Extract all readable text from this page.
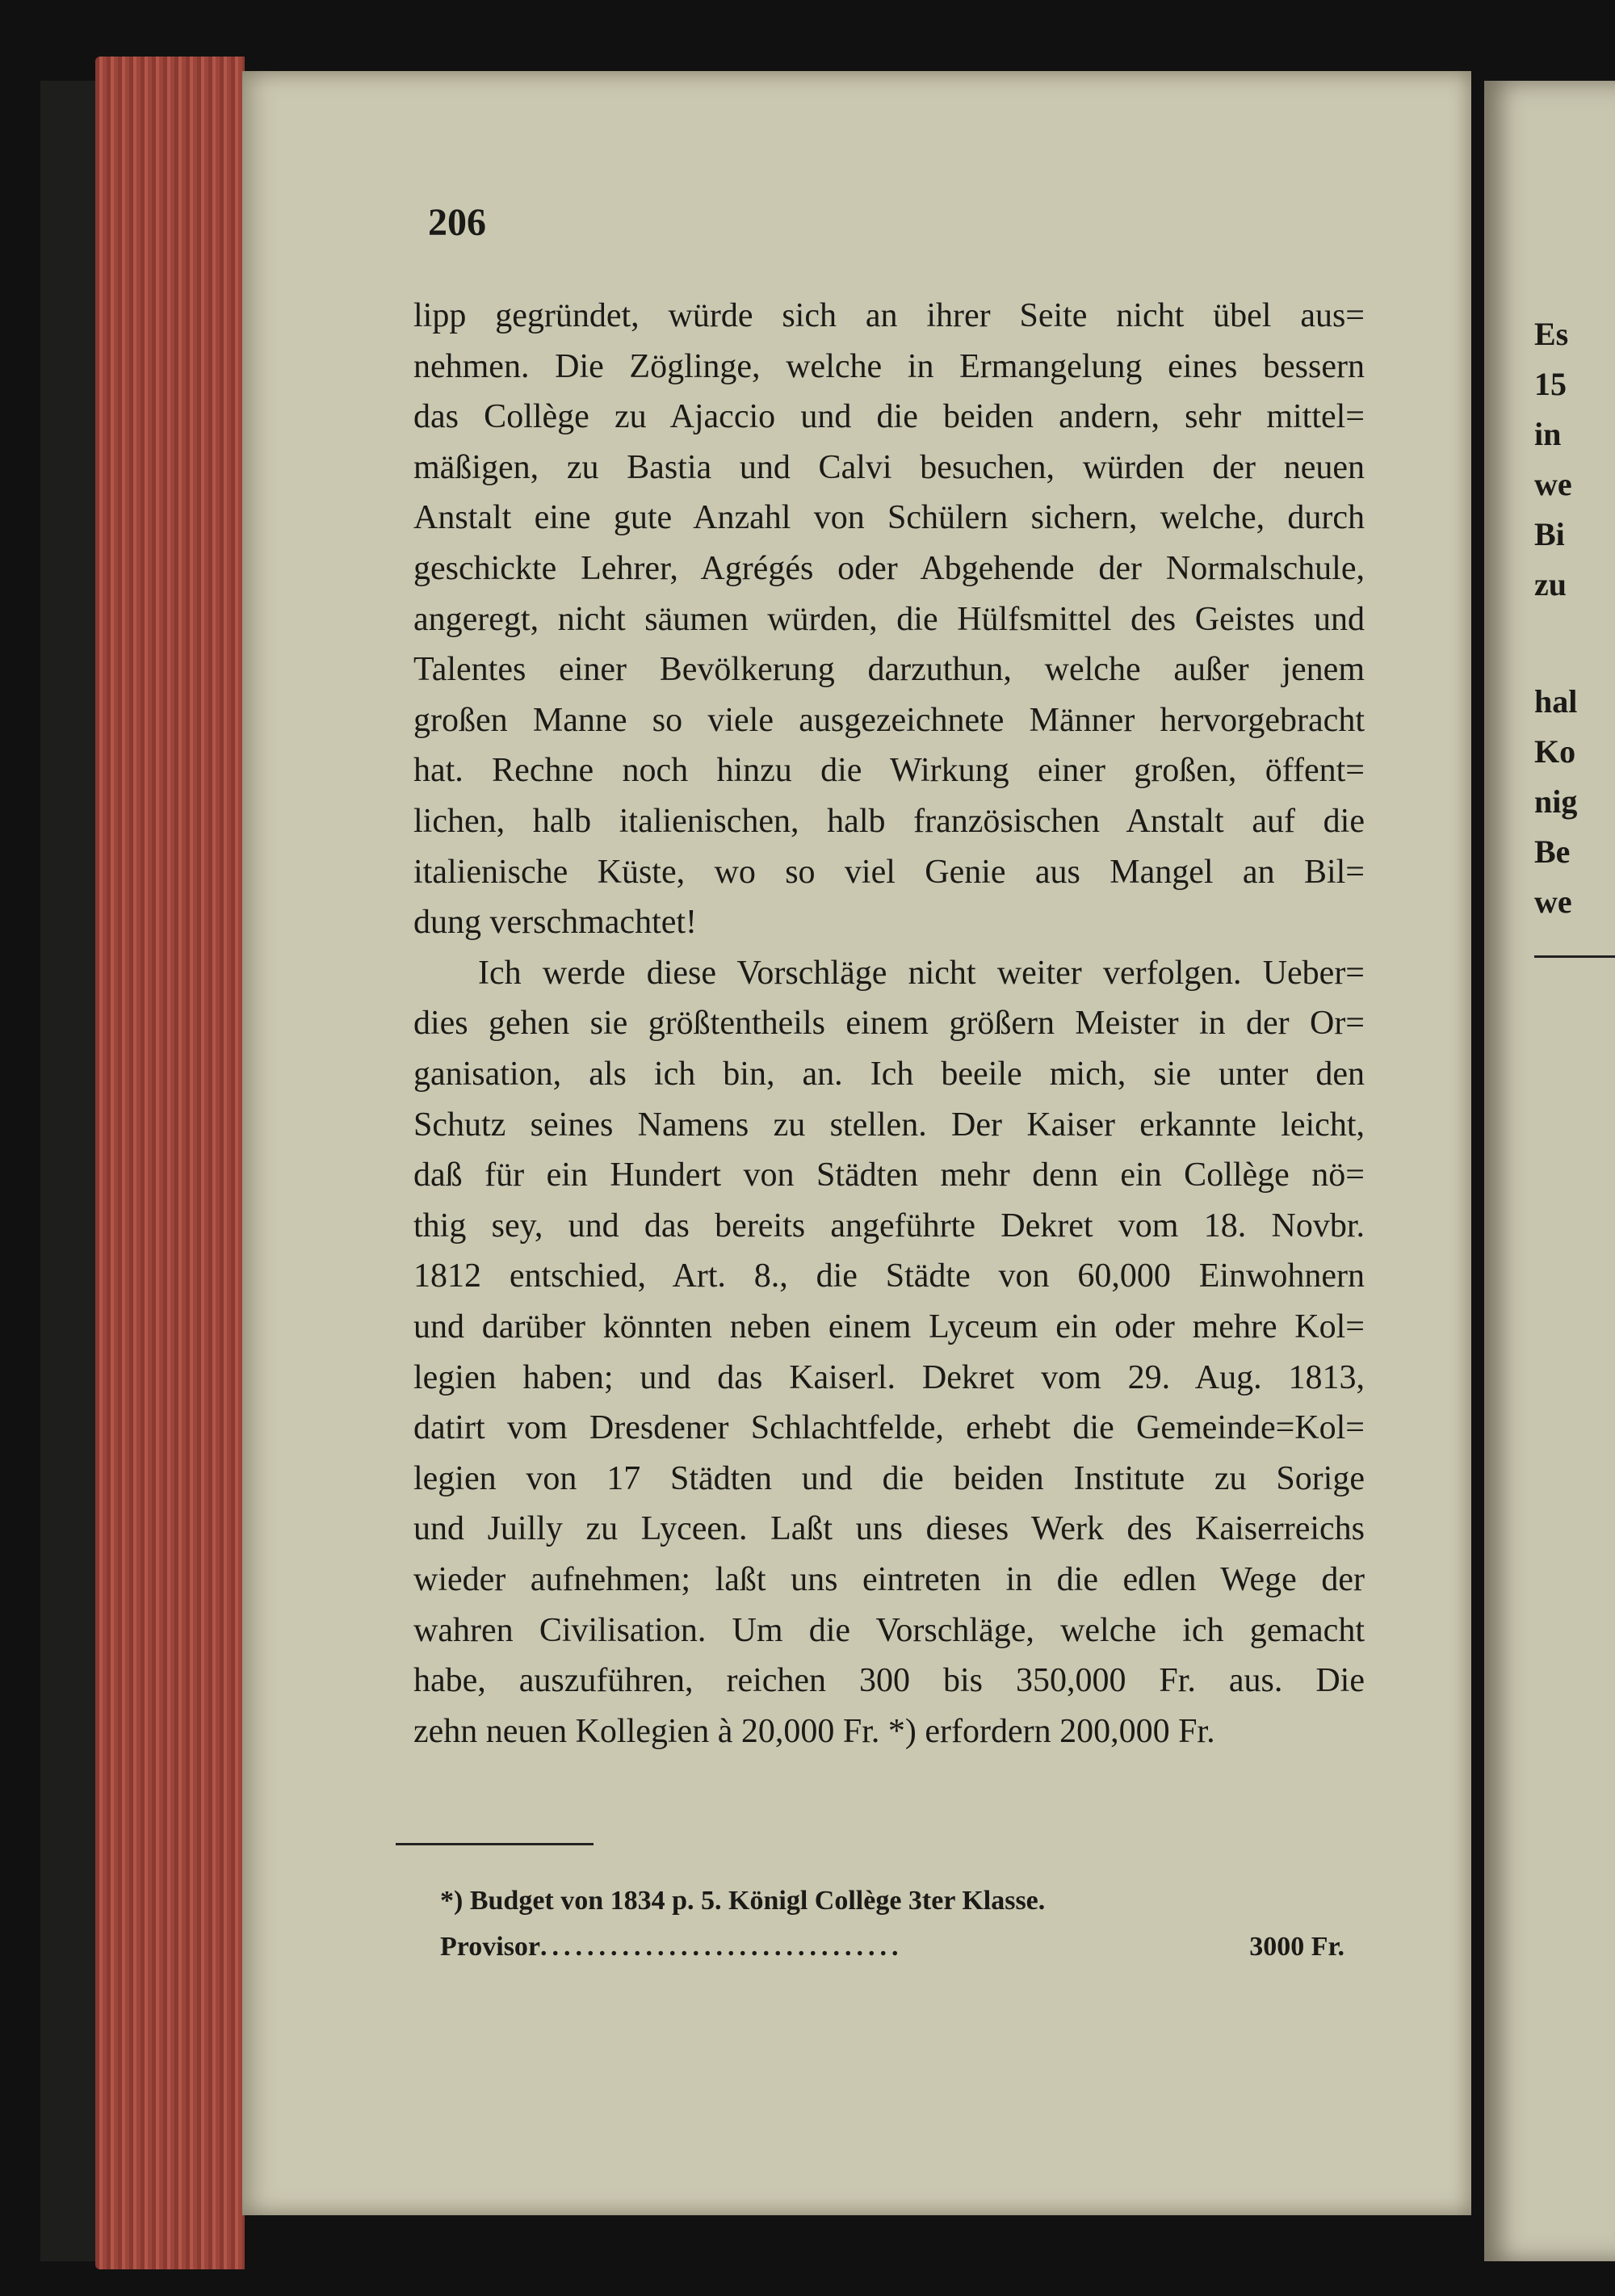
206
lipp gegründet, würde sich an ihrer Seite nicht übel aus=
nehmen. Die Zöglinge, welche in Ermangelung eines bessern
das Collège zu Ajaccio und die beiden andern, sehr mittel=
mäßigen, zu Bastia und Calvi besuchen, würden der neuen
Anstalt eine gute Anzahl von Schülern sichern, welche, durch
geschickte Lehrer, Agrégés oder Abgehende der Normalschule,
angeregt, nicht säumen würden, die Hülfsmittel des Geistes und
Talentes einer Bevölkerung darzuthun, welche außer jenem
großen Manne so viele ausgezeichnete Männer hervorgebracht
hat. Rechne noch hinzu die Wirkung einer großen, öffent=
lichen, halb italienischen, halb französischen Anstalt auf die
italienische Küste, wo so viel Genie aus Mangel an Bil=
dung verschmachtet!
Ich werde diese Vorschläge nicht weiter verfolgen. Ueber=
dies gehen sie größtentheils einem größern Meister in der Or=
ganisation, als ich bin, an. Ich beeile mich, sie unter den
Schutz seines Namens zu stellen. Der Kaiser erkannte leicht,
daß für ein Hundert von Städten mehr denn ein Collège nö=
thig sey, und das bereits angeführte Dekret vom 18. Novbr.
1812 entschied, Art. 8., die Städte von 60,000 Einwohnern
und darüber könnten neben einem Lyceum ein oder mehre Kol=
legien haben; und das Kaiserl. Dekret vom 29. Aug. 1813,
datirt vom Dresdener Schlachtfelde, erhebt die Gemeinde=Kol=
legien von 17 Städten und die beiden Institute zu Sorige
und Juilly zu Lyceen. Laßt uns dieses Werk des Kaiserreichs
wieder aufnehmen; laßt uns eintreten in die edlen Wege der
wahren Civilisation. Um die Vorschläge, welche ich gemacht
habe, auszuführen, reichen 300 bis 350,000 Fr. aus. Die
zehn neuen Kollegien à 20,000 Fr. *) erfordern 200,000 Fr.
*) Budget von 1834 p. 5. Königl Collège 3ter Klasse.
Provisor ...............................	3000 Fr.
Es
15
in
we
Bi
zu
hal
Ko
nig
Be
we
